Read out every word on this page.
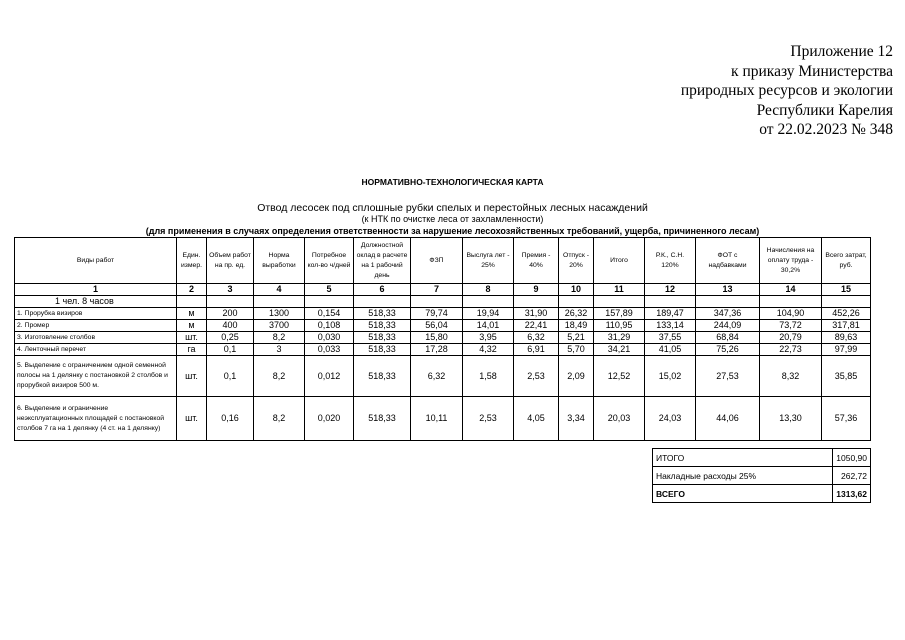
Приложение 12
к приказу Министерства
природных ресурсов и экологии
Республики Карелия
от 22.02.2023 № 348
НОРМАТИВНО-ТЕХНОЛОГИЧЕСКАЯ КАРТА
Отвод лесосек под сплошные рубки спелых и перестойных лесных насаждений
(к НТК по очистке леса от захламленности)
(для применения в случаях определения ответственности за нарушение лесохозяйственных требований, ущерба, причиненного лесам)
Виды работ	Един. измер.	Объем работ на пр. ед.	Норма выработки	Потребное кол-во ч/дней	Должностной оклад в расчете на 1 рабочий день	ФЗП	Выслуга лет - 25%	Премия - 40%	Отпуск - 20%	Итого	Р.К., С.Н. 120%	ФОТ с надбавками	Начисления на оплату труда - 30,2%	Всего затрат, руб.
1	2	3	4	5	6	7	8	9	10	11	12	13	14	15
1 чел. 8 часов														
1. Прорубка визиров	м	200	1300	0,154	518,33	79,74	19,94	31,90	26,32	157,89	189,47	347,36	104,90	452,26
2. Промер	м	400	3700	0,108	518,33	56,04	14,01	22,41	18,49	110,95	133,14	244,09	73,72	317,81
3. Изготовление столбов	шт.	0,25	8,2	0,030	518,33	15,80	3,95	6,32	5,21	31,29	37,55	68,84	20,79	89,63
4. Ленточный перечет	га	0,1	3	0,033	518,33	17,28	4,32	6,91	5,70	34,21	41,05	75,26	22,73	97,99
5. Выделение с ограничением одной семенной полосы на 1 делянку с постановкой 2 столбов и прорубкой визиров 500 м.	шт.	0,1	8,2	0,012	518,33	6,32	1,58	2,53	2,09	12,52	15,02	27,53	8,32	35,85
6. Выделение и ограничение неэксплуатационных площадей с постановкой столбов 7 га на 1 делянку (4 ст. на 1 делянку)	шт.	0,16	8,2	0,020	518,33	10,11	2,53	4,05	3,34	20,03	24,03	44,06	13,30	57,36
ИТОГО	1050,90
Накладные расходы 25%	262,72
ВСЕГО	1313,62
